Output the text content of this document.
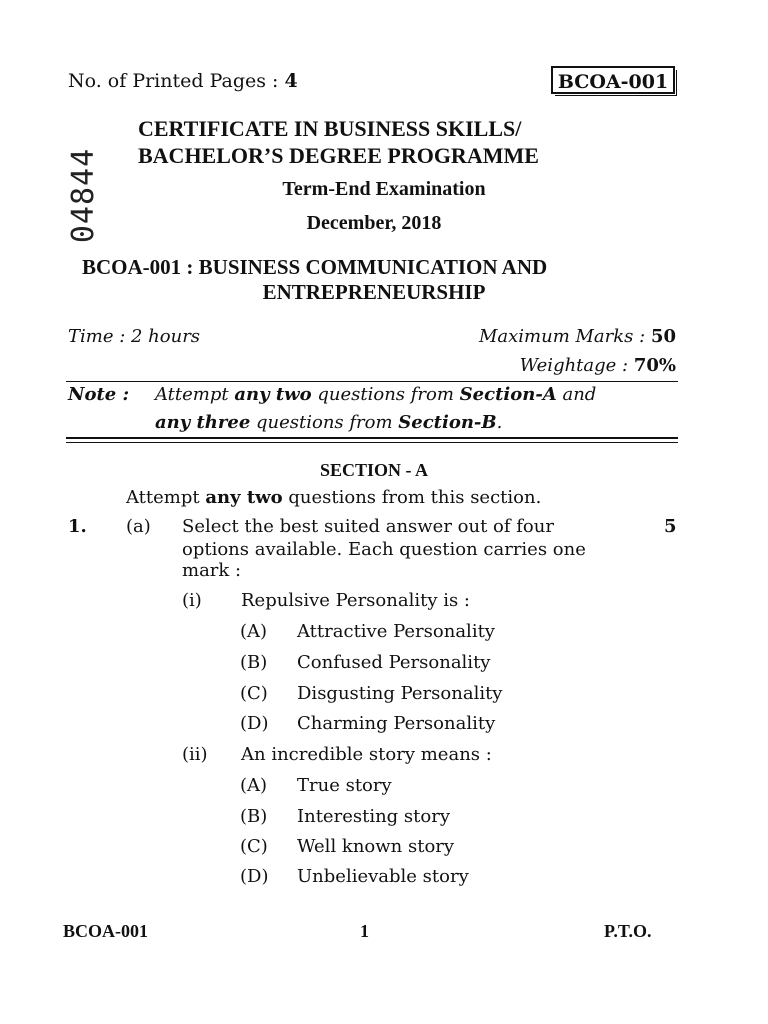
No. of Printed Pages : 4	BCOA-001
04844
CERTIFICATE IN BUSINESS SKILLS/
BACHELOR’S DEGREE PROGRAMME
Term-End Examination
December, 2018
BCOA-001 : BUSINESS COMMUNICATION AND
ENTREPRENEURSHIP
Time : 2 hours	Maximum Marks : 50
Weightage : 70%
Note : Attempt any two questions from Section-A and
any three questions from Section-B.
SECTION - A
Attempt any two questions from this section.
1. (a)	5
Select the best suited answer out of four
options available. Each question carries one
mark :
(i) Repulsive Personality is :
(A) Attractive Personality
(B) Confused Personality
(C) Disgusting Personality
(D) Charming Personality
(ii) An incredible story means :
(A) True story
(B) Interesting story
(C) Well known story
(D) Unbelievable story
BCOA-001	1	P.T.O.
